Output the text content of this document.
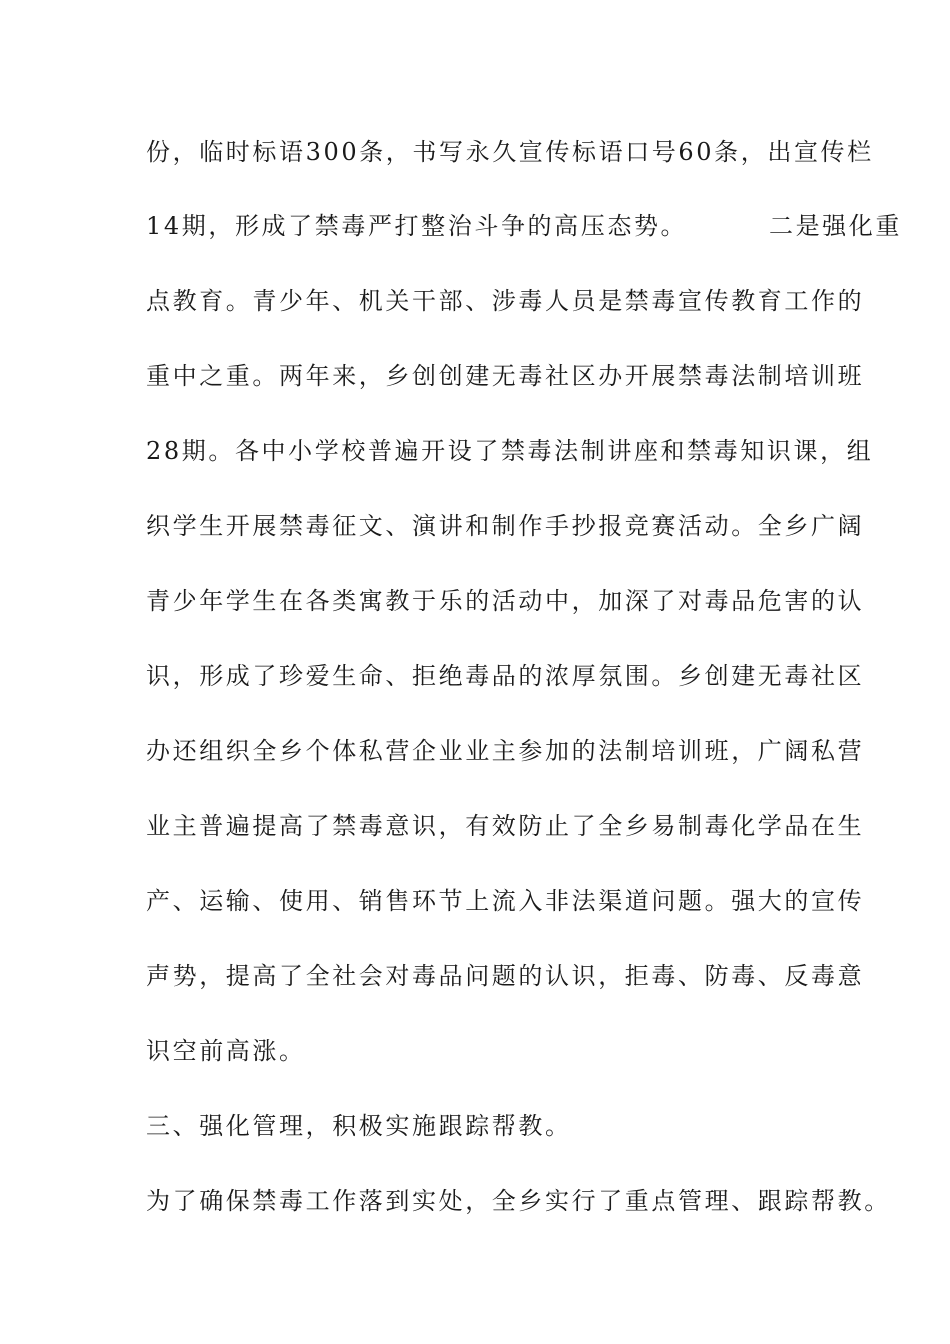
份，临时标语300条，书写永久宣传标语口号60条，出宣传栏
14期，形成了禁毒严打整治斗争的高压态势。        二是强化重
点教育。青少年、机关干部、涉毒人员是禁毒宣传教育工作的
重中之重。两年来，乡创创建无毒社区办开展禁毒法制培训班
28期。各中小学校普遍开设了禁毒法制讲座和禁毒知识课，组
织学生开展禁毒征文、演讲和制作手抄报竞赛活动。全乡广阔
青少年学生在各类寓教于乐的活动中，加深了对毒品危害的认
识，形成了珍爱生命、拒绝毒品的浓厚氛围。乡创建无毒社区
办还组织全乡个体私营企业业主参加的法制培训班，广阔私营
业主普遍提高了禁毒意识，有效防止了全乡易制毒化学品在生
产、运输、使用、销售环节上流入非法渠道问题。强大的宣传
声势，提高了全社会对毒品问题的认识，拒毒、防毒、反毒意
识空前高涨。
三、强化管理，积极实施跟踪帮教。
为了确保禁毒工作落到实处，全乡实行了重点管理、跟踪帮教。
